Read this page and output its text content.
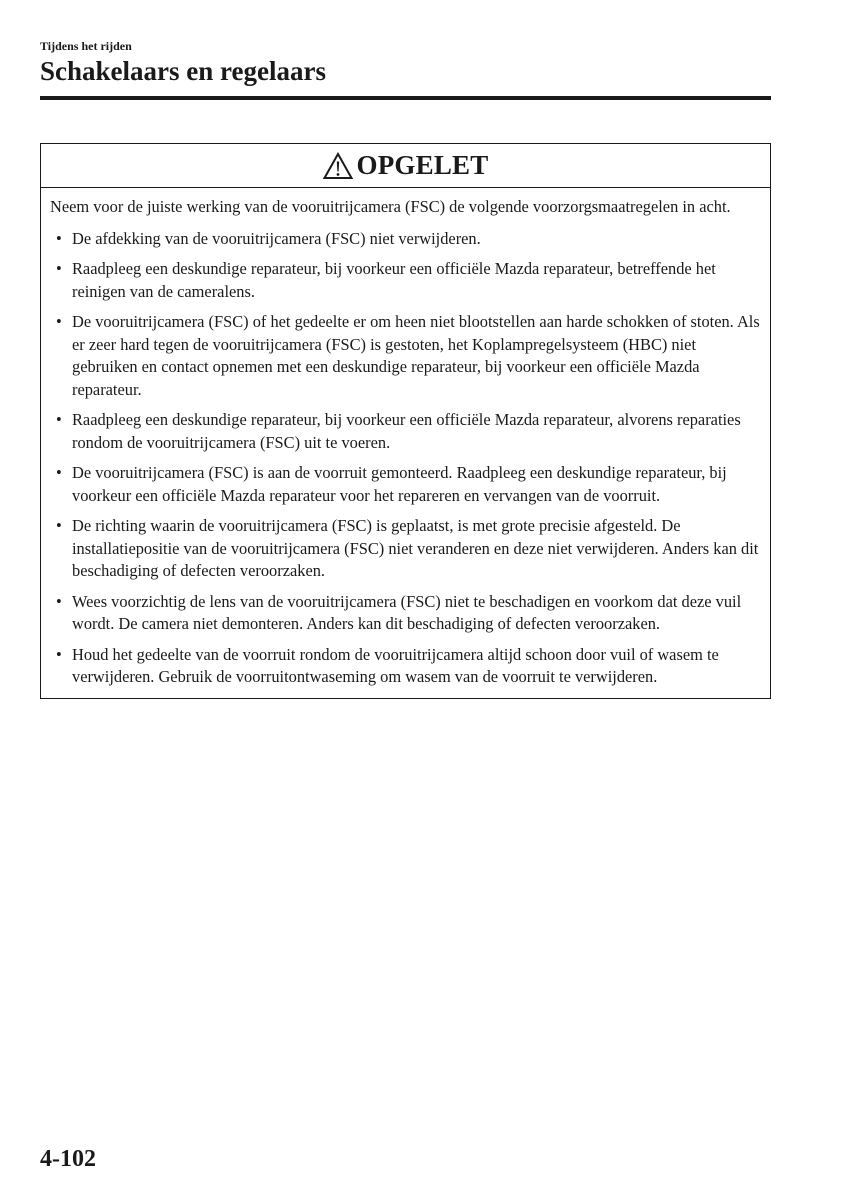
Tijdens het rijden
Schakelaars en regelaars
OPGELET

Neem voor de juiste werking van de vooruitrijcamera (FSC) de volgende voorzorgsmaatregelen in acht.

• De afdekking van de vooruitrijcamera (FSC) niet verwijderen.
• Raadpleeg een deskundige reparateur, bij voorkeur een officiële Mazda reparateur, betreffende het reinigen van de cameralens.
• De vooruitrijcamera (FSC) of het gedeelte er om heen niet blootstellen aan harde schokken of stoten. Als er zeer hard tegen de vooruitrijcamera (FSC) is gestoten, het Koplampregelsysteem (HBC) niet gebruiken en contact opnemen met een deskundige reparateur, bij voorkeur een officiële Mazda reparateur.
• Raadpleeg een deskundige reparateur, bij voorkeur een officiële Mazda reparateur, alvorens reparaties rondom de vooruitrijcamera (FSC) uit te voeren.
• De vooruitrijcamera (FSC) is aan de voorruit gemonteerd. Raadpleeg een deskundige reparateur, bij voorkeur een officiële Mazda reparateur voor het repareren en vervangen van de voorruit.
• De richting waarin de vooruitrijcamera (FSC) is geplaatst, is met grote precisie afgesteld. De installatiepositie van de vooruitrijcamera (FSC) niet veranderen en deze niet verwijderen. Anders kan dit beschadiging of defecten veroorzaken.
• Wees voorzichtig de lens van de vooruitrijcamera (FSC) niet te beschadigen en voorkom dat deze vuil wordt. De camera niet demonteren. Anders kan dit beschadiging of defecten veroorzaken.
• Houd het gedeelte van de voorruit rondom de vooruitrijcamera altijd schoon door vuil of wasem te verwijderen. Gebruik de voorruitontwaseming om wasem van de voorruit te verwijderen.
4-102
